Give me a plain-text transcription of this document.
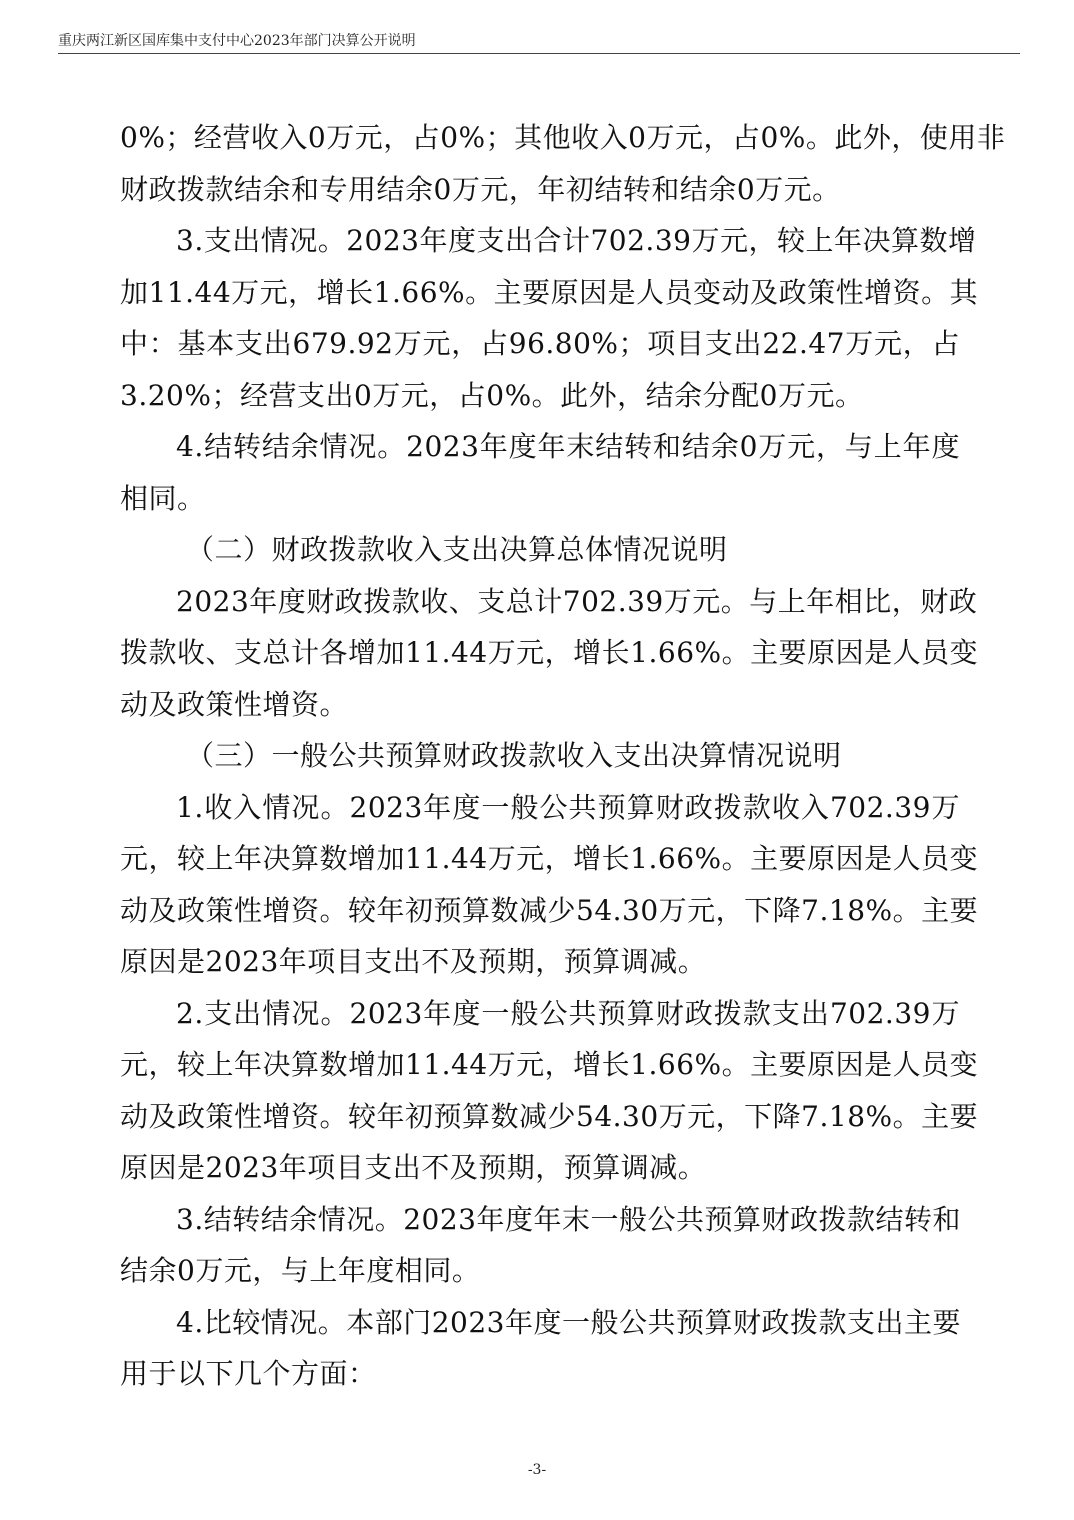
重庆两江新区国库集中支付中心2023年部门决算公开说明
0%；经营收入0万元，占0%；其他收入0万元，占0%。此外，使用非
财政拨款结余和专用结余0万元，年初结转和结余0万元。
3.支出情况。2023年度支出合计702.39万元，较上年决算数增
加11.44万元，增长1.66%。主要原因是人员变动及政策性增资。其
中：基本支出679.92万元，占96.80%；项目支出22.47万元，占
3.20%；经营支出0万元，占0%。此外，结余分配0万元。
4.结转结余情况。2023年度年末结转和结余0万元，与上年度
相同。
（二）财政拨款收入支出决算总体情况说明
2023年度财政拨款收、支总计702.39万元。与上年相比，财政
拨款收、支总计各增加11.44万元，增长1.66%。主要原因是人员变
动及政策性增资。
（三）一般公共预算财政拨款收入支出决算情况说明
1.收入情况。2023年度一般公共预算财政拨款收入702.39万
元，较上年决算数增加11.44万元，增长1.66%。主要原因是人员变
动及政策性增资。较年初预算数减少54.30万元，下降7.18%。主要
原因是2023年项目支出不及预期，预算调减。
2.支出情况。2023年度一般公共预算财政拨款支出702.39万
元，较上年决算数增加11.44万元，增长1.66%。主要原因是人员变
动及政策性增资。较年初预算数减少54.30万元，下降7.18%。主要
原因是2023年项目支出不及预期，预算调减。
3.结转结余情况。2023年度年末一般公共预算财政拨款结转和
结余0万元，与上年度相同。
4.比较情况。本部门2023年度一般公共预算财政拨款支出主要
用于以下几个方面：
-3-
